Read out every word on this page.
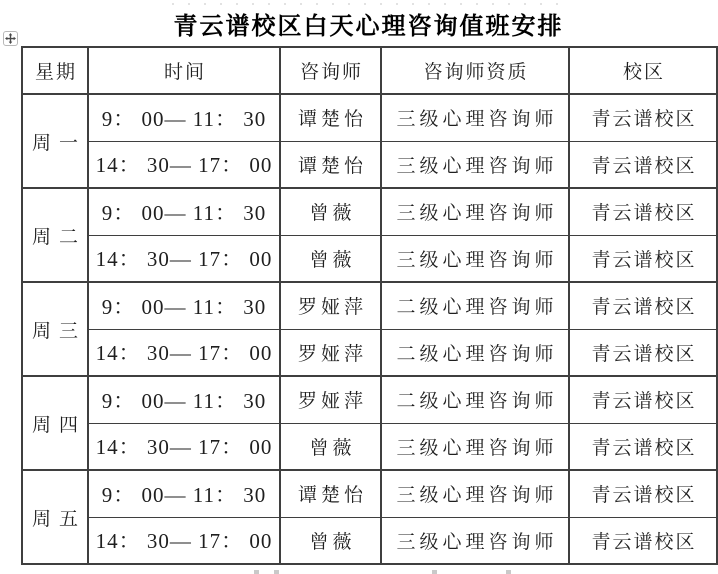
青云谱校区白天心理咨询值班安排
星期	时间	咨询师	咨询师资质	校区
周一	9： 00— 11： 30	谭楚怡	三级心理咨询师	青云谱校区
	14： 30— 17： 00	谭楚怡	三级心理咨询师	青云谱校区
周二	9： 00— 11： 30	曾薇	三级心理咨询师	青云谱校区
	14： 30— 17： 00	曾薇	三级心理咨询师	青云谱校区
周三	9： 00— 11： 30	罗娅萍	二级心理咨询师	青云谱校区
	14： 30— 17： 00	罗娅萍	二级心理咨询师	青云谱校区
周四	9： 00— 11： 30	罗娅萍	二级心理咨询师	青云谱校区
	14： 30— 17： 00	曾薇	三级心理咨询师	青云谱校区
周五	9： 00— 11： 30	谭楚怡	三级心理咨询师	青云谱校区
	14： 30— 17： 00	曾薇	三级心理咨询师	青云谱校区
